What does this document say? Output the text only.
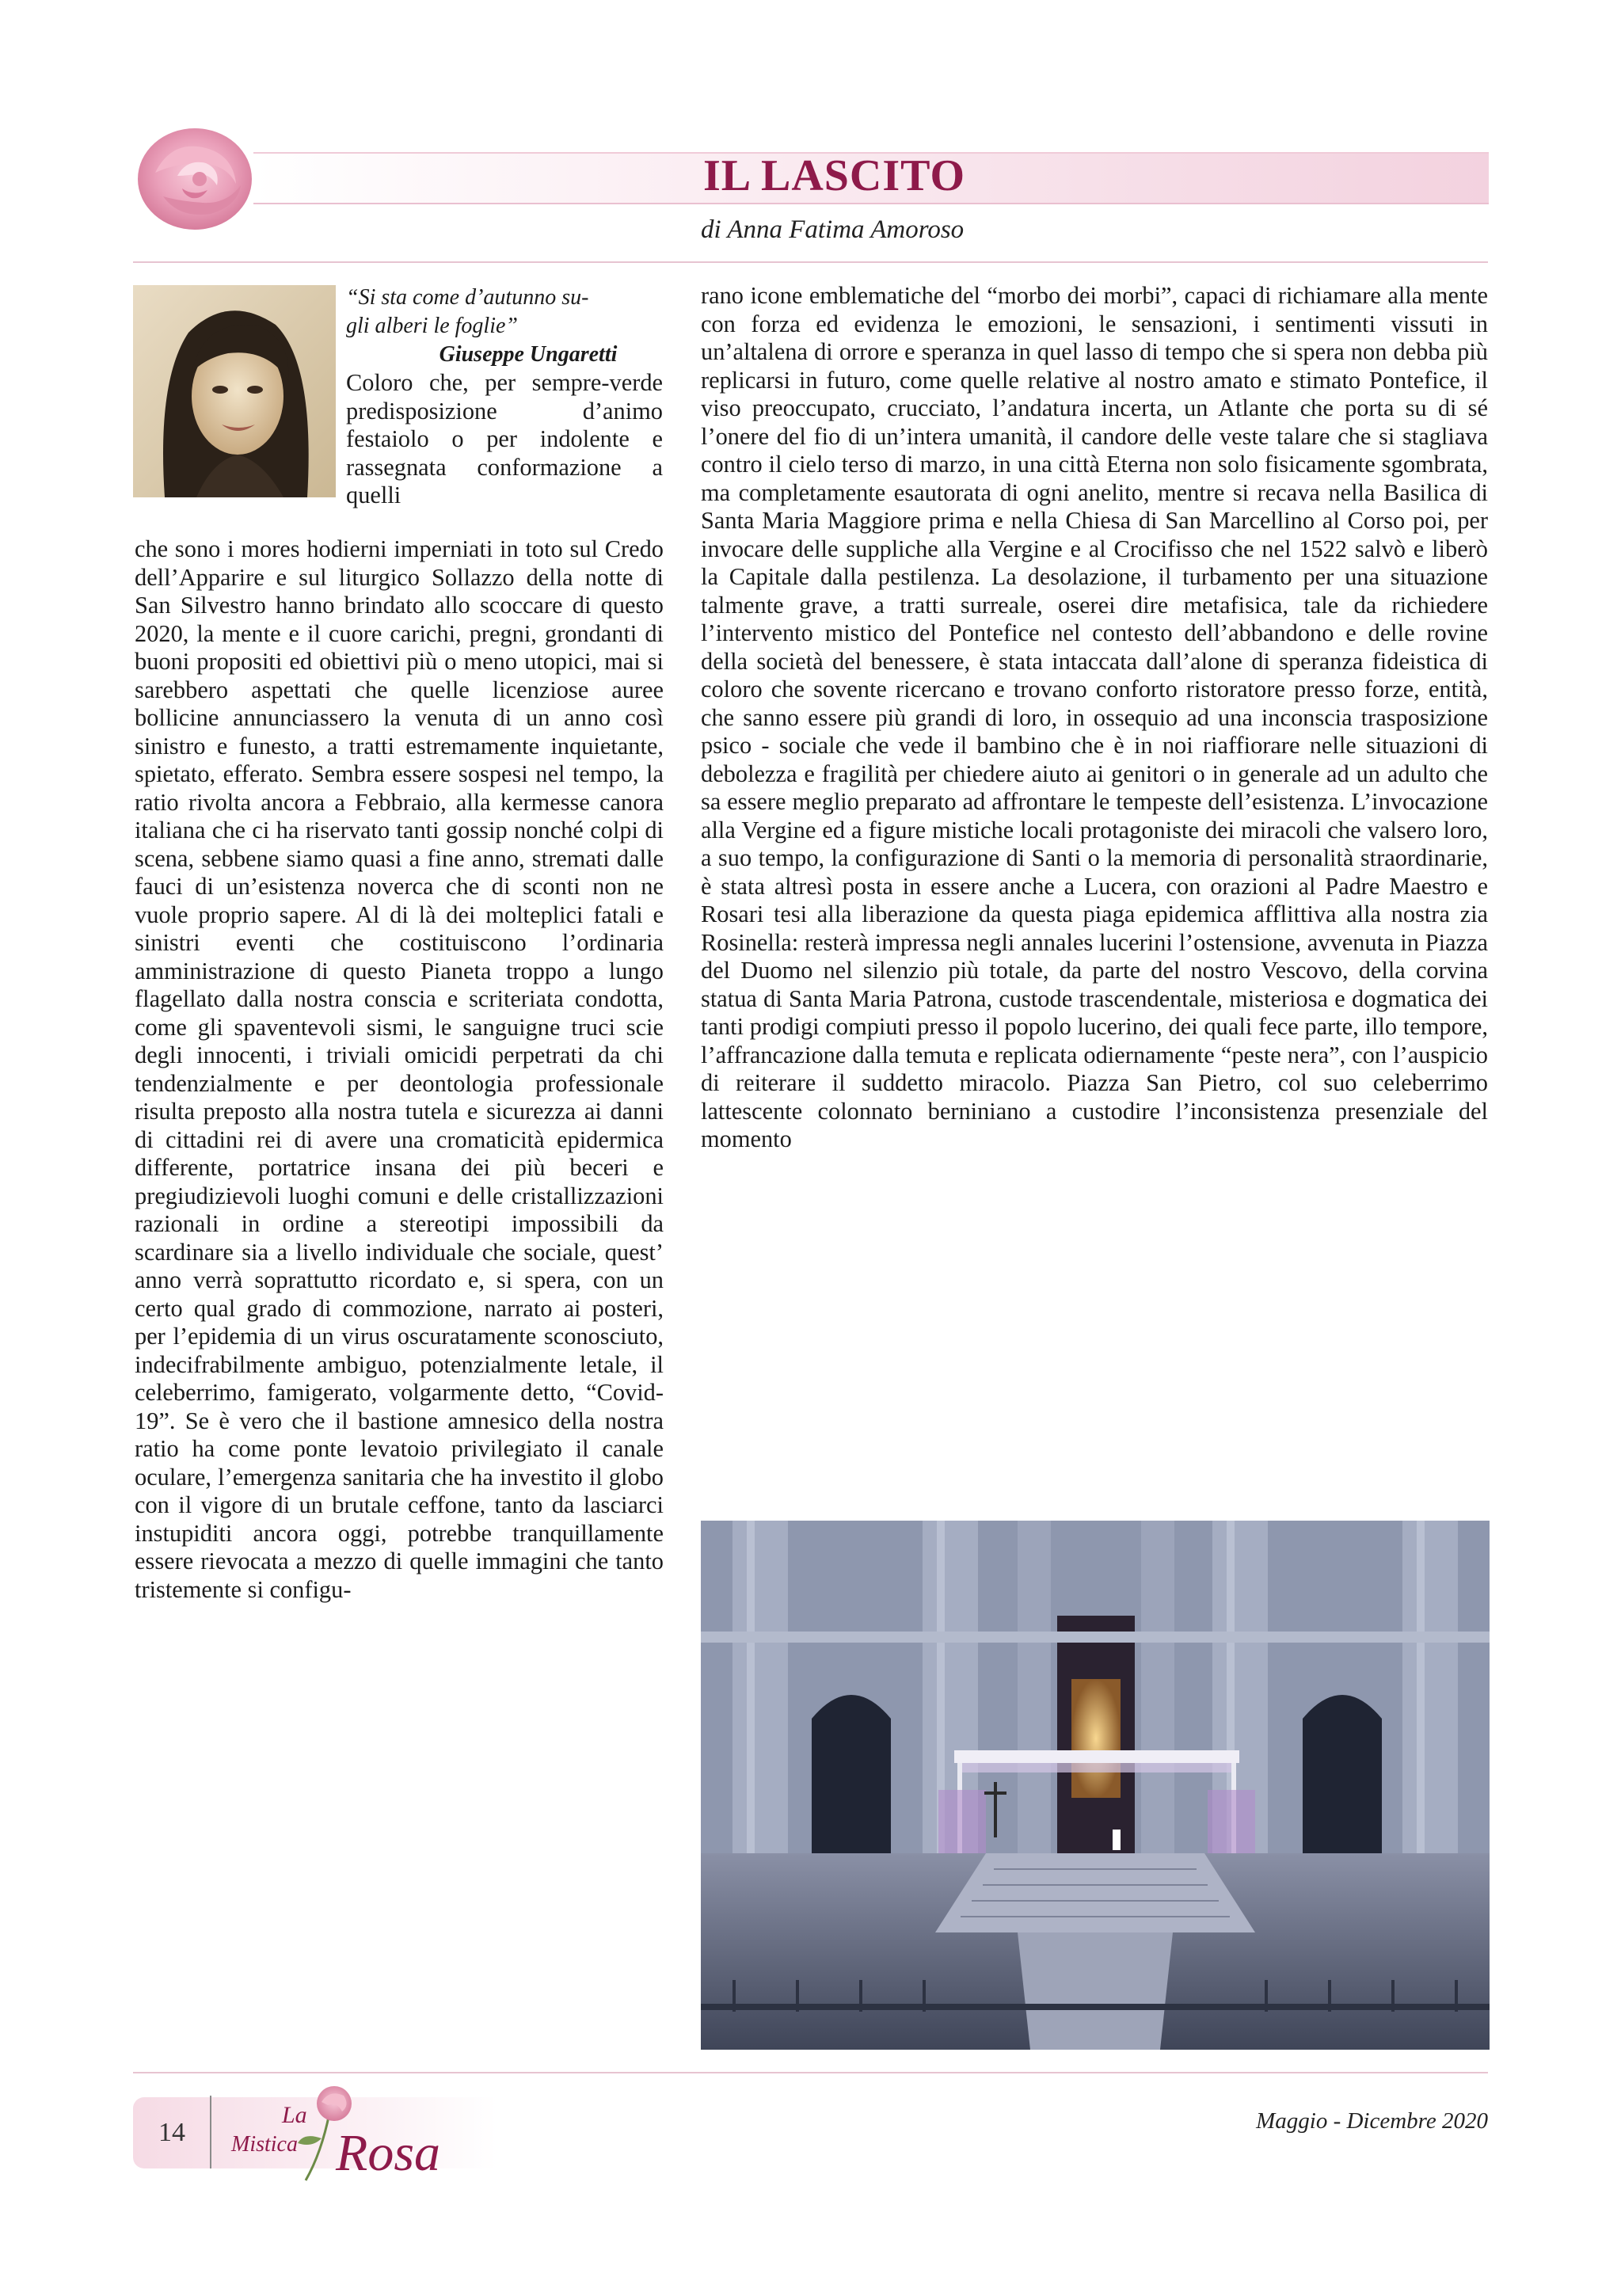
IL LASCITO
di Anna Fatima Amoroso
“Si sta come d’autunno su-
gli alberi le foglie”
Giuseppe Ungaretti
Coloro che, per sempre-verde predisposizione d’animo festaiolo o per indolente e rassegnata conformazione a quelli
che sono i mores hodierni imperniati in toto sul Credo dell’Apparire e sul liturgico Sollazzo della notte di San Silvestro hanno brindato allo scoccare di questo 2020, la mente e il cuore carichi, pregni, grondanti di buoni propositi ed obiettivi più o meno utopici, mai si sarebbero aspettati che quelle licenziose auree bollicine annunciassero la venuta di un anno così sinistro e funesto, a tratti estremamente inquietante, spietato, efferato. Sembra essere sospesi nel tempo, la ratio rivolta ancora a Febbraio, alla kermesse canora italiana che ci ha riservato tanti gossip nonché colpi di scena, sebbene siamo quasi a fine anno, stremati dalle fauci di un’esistenza noverca che di sconti non ne vuole proprio sapere. Al di là dei molteplici fatali e sinistri eventi che costituiscono l’ordinaria amministrazione di questo Pianeta troppo a lungo flagellato dalla nostra conscia e scriteriata condotta, come gli spaventevoli sismi, le sanguigne truci scie degli innocenti, i triviali omicidi perpetrati da chi tendenzialmente e per deontologia professionale risulta preposto alla nostra tutela e sicurezza ai danni di cittadini rei di avere una cromaticità epidermica differente, portatrice insana dei più beceri e pregiudizievoli luoghi comuni e delle cristallizzazioni razionali in ordine a stereotipi impossibili da scardinare sia a livello individuale che sociale, quest’ anno verrà soprattutto ricordato e, si spera, con un certo qual grado di commozione, narrato ai posteri, per l’epidemia di un virus oscuratamente sconosciuto, indecifrabilmente ambiguo, potenzialmente letale, il celeberrimo, famigerato, volgarmente detto, “Covid- 19”. Se è vero che il bastione amnesico della nostra ratio ha come ponte levatoio privilegiato il canale oculare, l’emergenza sanitaria che ha investito il globo con il vigore di un brutale ceffone, tanto da lasciarci instupiditi ancora oggi, potrebbe tranquillamente essere rievocata a mezzo di quelle immagini che tanto tristemente si configu-
rano icone emblematiche del “morbo dei morbi”, capaci di richiamare alla mente con forza ed evidenza le emozioni, le sensazioni, i sentimenti vissuti in un’altalena di orrore e speranza in quel lasso di tempo che si spera non debba più replicarsi in futuro, come quelle relative al nostro amato e stimato Pontefice, il viso preoccupato, crucciato, l’andatura incerta, un Atlante che porta su di sé l’onere del fio di un’intera umanità, il candore delle veste talare che si stagliava contro il cielo terso di marzo, in una città Eterna non solo fisicamente sgombrata, ma completamente esautorata di ogni anelito, mentre si recava nella Basilica di Santa Maria Maggiore prima e nella Chiesa di San Marcellino al Corso poi, per invocare delle suppliche alla Vergine e al Crocifisso che nel 1522 salvò e liberò la Capitale dalla pestilenza. La desolazione, il turbamento per una situazione talmente grave, a tratti surreale, oserei dire metafisica, tale da richiedere l’intervento mistico del Pontefice nel contesto dell’abbandono e delle rovine della società del benessere, è stata intaccata dall’alone di speranza fideistica di coloro che sovente ricercano e trovano conforto ristoratore presso forze, entità, che sanno essere più grandi di loro, in ossequio ad una inconscia trasposizione psico - sociale che vede il bambino che è in noi riaffiorare nelle situazioni di debolezza e fragilità per chiedere aiuto ai genitori o in generale ad un adulto che sa essere meglio preparato ad affrontare le tempeste dell’esistenza. L’invocazione alla Vergine ed a figure mistiche locali protagoniste dei miracoli che valsero loro, a suo tempo, la configurazione di Santi o la memoria di personalità straordinarie, è stata altresì posta in essere anche a Lucera, con orazioni al Padre Maestro e Rosari tesi alla liberazione da questa piaga epidemica afflittiva alla nostra zia Rosinella: resterà impressa negli annales lucerini l’ostensione, avvenuta in Piazza del Duomo nel silenzio più totale, da parte del nostro Vescovo, della corvina statua di Santa Maria Patrona, custode trascendentale, misteriosa e dogmatica dei tanti prodigi compiuti presso il popolo lucerino, dei quali fece parte, illo tempore, l’affrancazione dalla temuta e replicata odiernamente “peste nera”, con l’auspicio di reiterare il suddetto miracolo. Piazza San Pietro, col suo celeberrimo lattescente colonnato berniniano a custodire l’inconsistenza presenziale del momento
14
La
Mistica Rosa
Maggio - Dicembre 2020
